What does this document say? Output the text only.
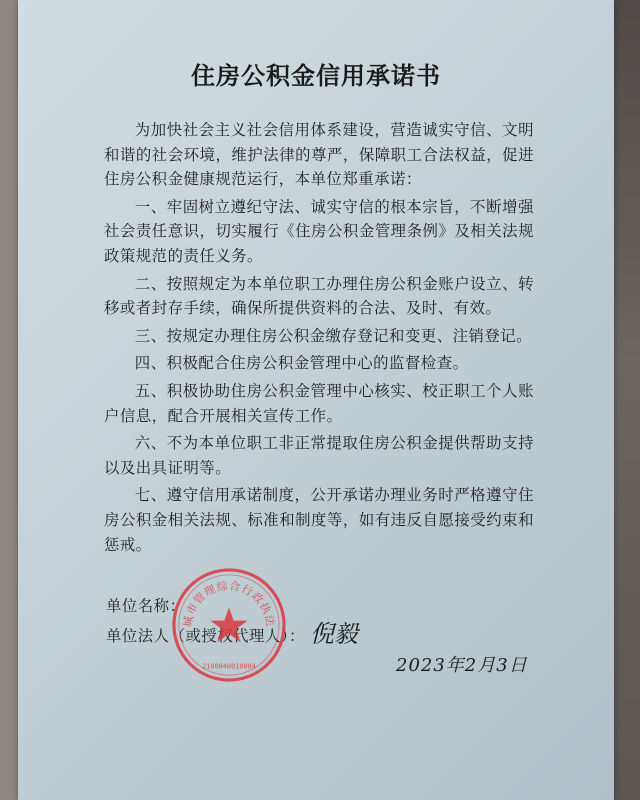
住房公积金信用承诺书

为加快社会主义社会信用体系建设，营造诚实守信、文明和谐的社会环境，维护法律的尊严，保障职工合法权益，促进住房公积金健康规范运行，本单位郑重承诺：

一、牢固树立遵纪守法、诚实守信的根本宗旨，不断增强社会责任意识，切实履行《住房公积金管理条例》及相关法规政策规范的责任义务。

二、按照规定为本单位职工办理住房公积金账户设立、转移或者封存手续，确保所提供资料的合法、及时、有效。

三、按规定办理住房公积金缴存登记和变更、注销登记。

四、积极配合住房公积金管理中心的监督检查。

五、积极协助住房公积金管理中心核实、校正职工个人账户信息，配合开展相关宣传工作。

六、不为本单位职工非正常提取住房公积金提供帮助支持以及出具证明等。

七、遵守信用承诺制度，公开承诺办理业务时严格遵守住房公积金相关法规、标准和制度等，如有违反自愿接受约束和惩戒。

单位名称：
单位法人（或授权代理人）： 倪毅
2023年2月3日
城市管理综合行政执法
2100040010084
